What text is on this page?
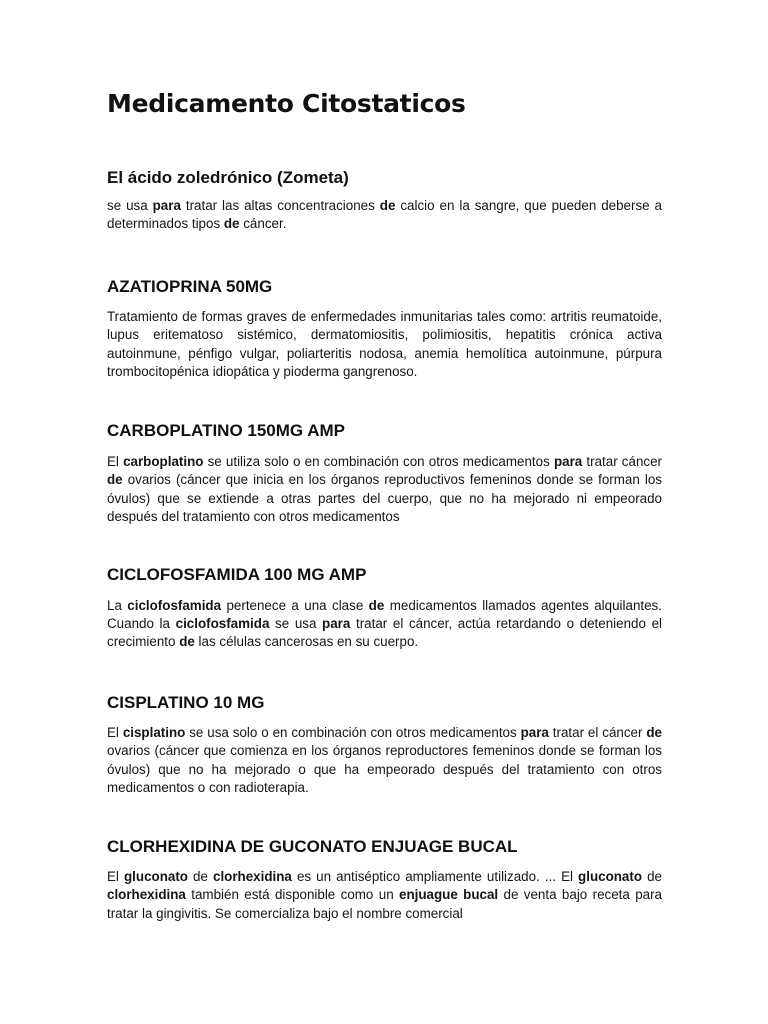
Medicamento Citostaticos
El ácido zoledrónico (Zometa)

se usa para tratar las altas concentraciones de calcio en la sangre, que pueden deberse a determinados tipos de cáncer.

AZATIOPRINA 50MG

Tratamiento de formas graves de enfermedades inmunitarias tales como: artritis reumatoide, lupus eritematoso sistémico, dermatomiositis, polimiositis, hepatitis crónica activa autoinmune, pénfigo vulgar, poliarteritis nodosa, anemia hemolítica autoinmune, púrpura trombocitopénica idiopática y pioderma gangrenoso.

CARBOPLATINO 150MG AMP

El carboplatino se utiliza solo o en combinación con otros medicamentos para tratar cáncer de ovarios (cáncer que inicia en los órganos reproductivos femeninos donde se forman los óvulos) que se extiende a otras partes del cuerpo, que no ha mejorado ni empeorado después del tratamiento con otros medicamentos

CICLOFOSFAMIDA 100 MG AMP

La ciclofosfamida pertenece a una clase de medicamentos llamados agentes alquilantes. Cuando la ciclofosfamida se usa para tratar el cáncer, actúa retardando o deteniendo el crecimiento de las células cancerosas en su cuerpo.

CISPLATINO 10 MG

El cisplatino se usa solo o en combinación con otros medicamentos para tratar el cáncer de ovarios (cáncer que comienza en los órganos reproductores femeninos donde se forman los óvulos) que no ha mejorado o que ha empeorado después del tratamiento con otros medicamentos o con radioterapia.

CLORHEXIDINA DE GUCONATO ENJUAGE BUCAL

El gluconato de clorhexidina es un antiséptico ampliamente utilizado. ... El gluconato de clorhexidina también está disponible como un enjuague bucal de venta bajo receta para tratar la gingivitis. Se comercializa bajo el nombre comercial
